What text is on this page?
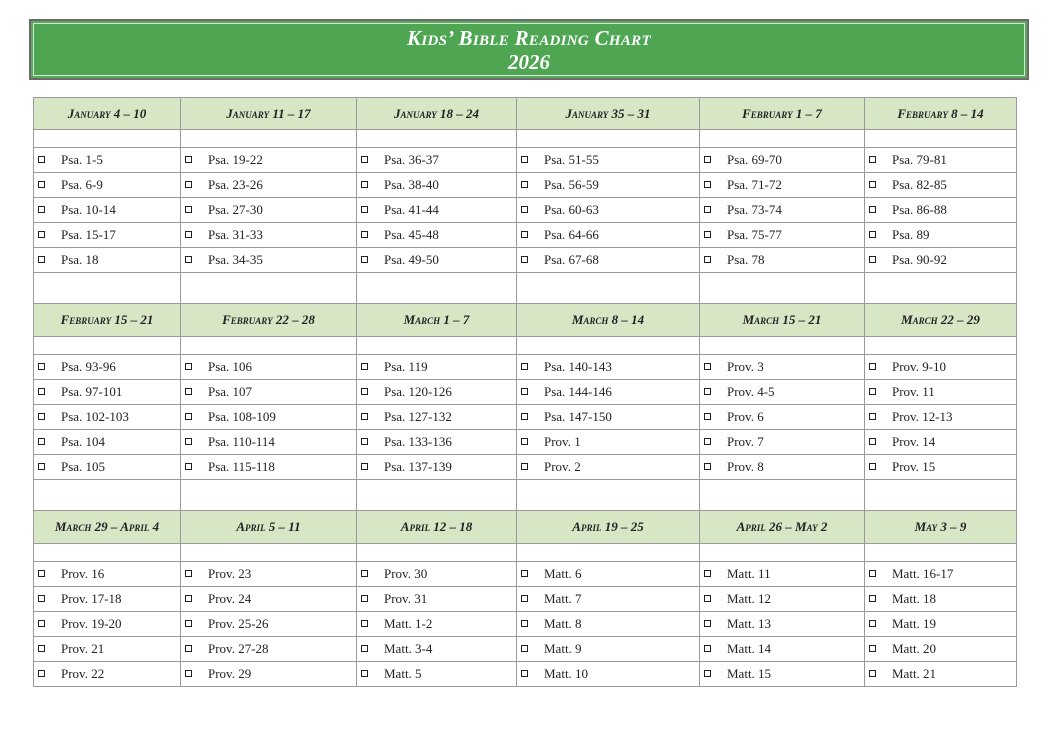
Kids’ Bible Reading Chart
2026
January 4 – 10	January 11 – 17	January 18 – 24	January 35 – 31	February 1 – 7	February 8 – 14

Psa. 1-5	Psa. 19-22	Psa. 36-37	Psa. 51-55	Psa. 69-70	Psa. 79-81
Psa. 6-9	Psa. 23-26	Psa. 38-40	Psa. 56-59	Psa. 71-72	Psa. 82-85
Psa. 10-14	Psa. 27-30	Psa. 41-44	Psa. 60-63	Psa. 73-74	Psa. 86-88
Psa. 15-17	Psa. 31-33	Psa. 45-48	Psa. 64-66	Psa. 75-77	Psa. 89
Psa. 18	Psa. 34-35	Psa. 49-50	Psa. 67-68	Psa. 78	Psa. 90-92

February 15 – 21	February 22 – 28	March 1 – 7	March 8 – 14	March 15 – 21	March 22 – 29

Psa. 93-96	Psa. 106	Psa. 119	Psa. 140-143	Prov. 3	Prov. 9-10
Psa. 97-101	Psa. 107	Psa. 120-126	Psa. 144-146	Prov. 4-5	Prov. 11
Psa. 102-103	Psa. 108-109	Psa. 127-132	Psa. 147-150	Prov. 6	Prov. 12-13
Psa. 104	Psa. 110-114	Psa. 133-136	Prov. 1	Prov. 7	Prov. 14
Psa. 105	Psa. 115-118	Psa. 137-139	Prov. 2	Prov. 8	Prov. 15

March 29 – April 4	April 5 – 11	April 12 – 18	April 19 – 25	April 26 – May 2	May 3 – 9

Prov. 16	Prov. 23	Prov. 30	Matt. 6	Matt. 11	Matt. 16-17
Prov. 17-18	Prov. 24	Prov. 31	Matt. 7	Matt. 12	Matt. 18
Prov. 19-20	Prov. 25-26	Matt. 1-2	Matt. 8	Matt. 13	Matt. 19
Prov. 21	Prov. 27-28	Matt. 3-4	Matt. 9	Matt. 14	Matt. 20
Prov. 22	Prov. 29	Matt. 5	Matt. 10	Matt. 15	Matt. 21
